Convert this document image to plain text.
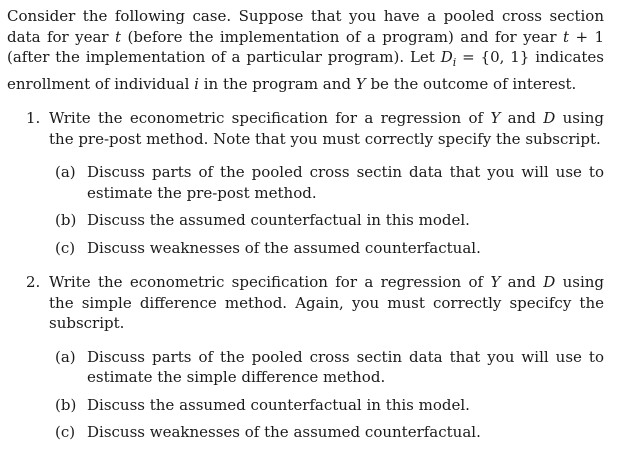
Consider the following case. Suppose that you have a pooled cross section data for year t (before the implementation of a program) and for year t + 1 (after the implementation of a particular program). Let $D_i = \{0$, 1} indicates enrollment of individual i in the program and Y be the outcome of interest.

1. Write the econometric specification for a regression of Y and D using the pre-post method. Note that you must correctly specify the subscript.
(a) Discuss parts of the pooled cross sectin data that you will use to estimate the pre-post method.
(b) Discuss the assumed counterfactual in this model.
(c) Discuss weaknesses of the assumed counterfactual.
2. Write the econometric specification for a regression of Y and D using the simple difference method. Again, you must correctly specifcy the subscript.
(a) Discuss parts of the pooled cross sectin data that you will use to estimate the simple difference method.
(b) Discuss the assumed counterfactual in this model.
(c) Discuss weaknesses of the assumed counterfactual.
